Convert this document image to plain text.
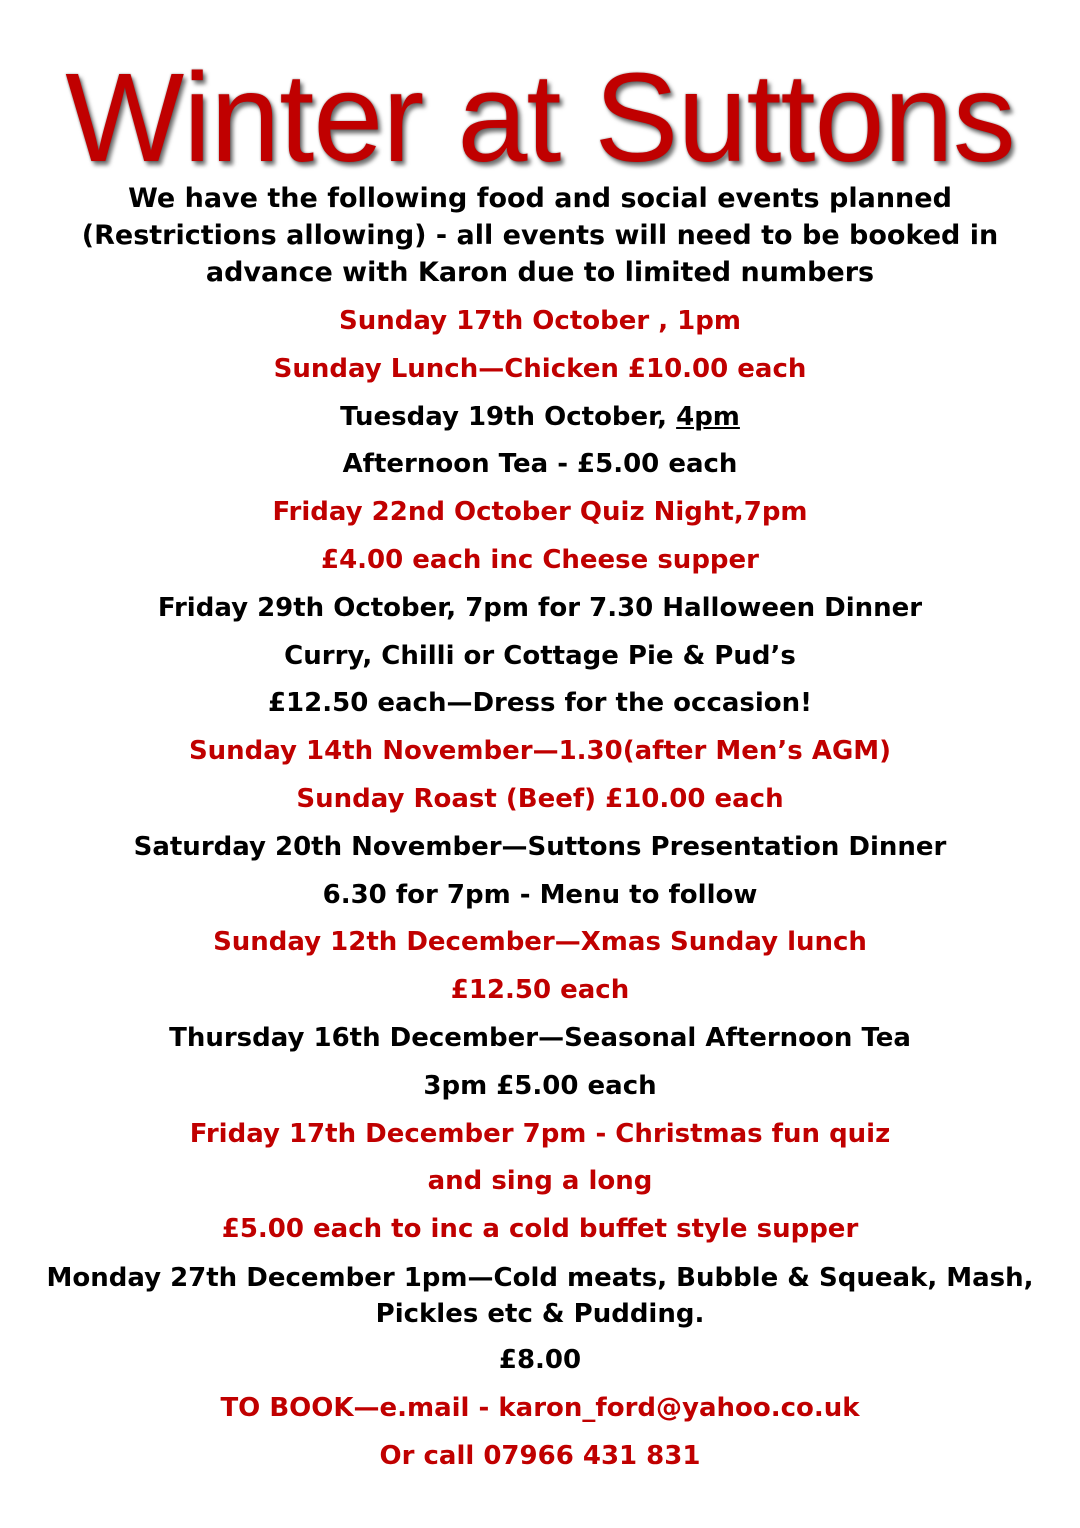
Winter at Suttons
We have the following food and social events planned (Restrictions allowing) - all events will need to be booked in advance with Karon due to limited numbers
Sunday 17th October , 1pm
Sunday Lunch—Chicken £10.00 each
Tuesday 19th October, 4pm
Afternoon Tea - £5.00 each
Friday 22nd October Quiz Night,7pm
£4.00 each inc Cheese supper
Friday 29th October, 7pm for 7.30 Halloween Dinner
Curry, Chilli or Cottage Pie & Pud’s
£12.50 each—Dress for the occasion!
Sunday 14th November—1.30(after Men’s AGM)
Sunday Roast (Beef) £10.00 each
Saturday 20th November—Suttons Presentation Dinner
6.30 for 7pm - Menu to follow
Sunday 12th December—Xmas Sunday lunch
£12.50 each
Thursday 16th December—Seasonal Afternoon Tea
3pm £5.00 each
Friday 17th December 7pm - Christmas fun quiz
and sing a long
£5.00 each to inc a cold buffet style supper
Monday 27th December 1pm—Cold meats, Bubble & Squeak, Mash, Pickles etc & Pudding.
£8.00
TO BOOK—e.mail - karon_ford@yahoo.co.uk
Or call 07966 431 831
